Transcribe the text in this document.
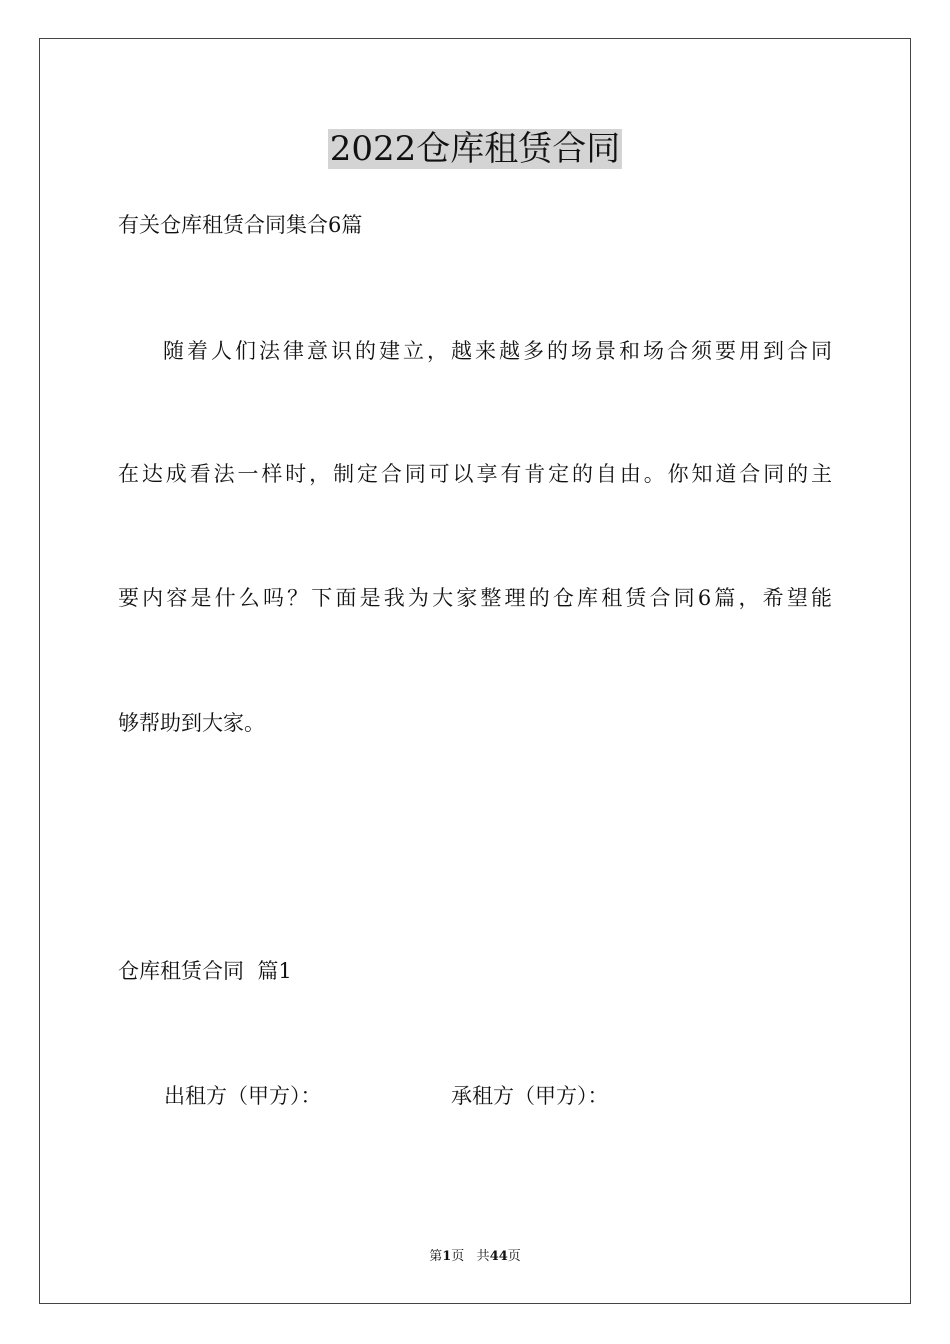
2022仓库租赁合同
有关仓库租赁合同集合6篇
随着人们法律意识的建立，越来越多的场景和场合须要用到合同
在达成看法一样时，制定合同可以享有肯定的自由。你知道合同的主
要内容是什么吗？下面是我为大家整理的仓库租赁合同6篇，希望能
够帮助到大家。
仓库租赁合同  篇1
出租方（甲方）：	承租方（甲方）：
第1页 共44页
